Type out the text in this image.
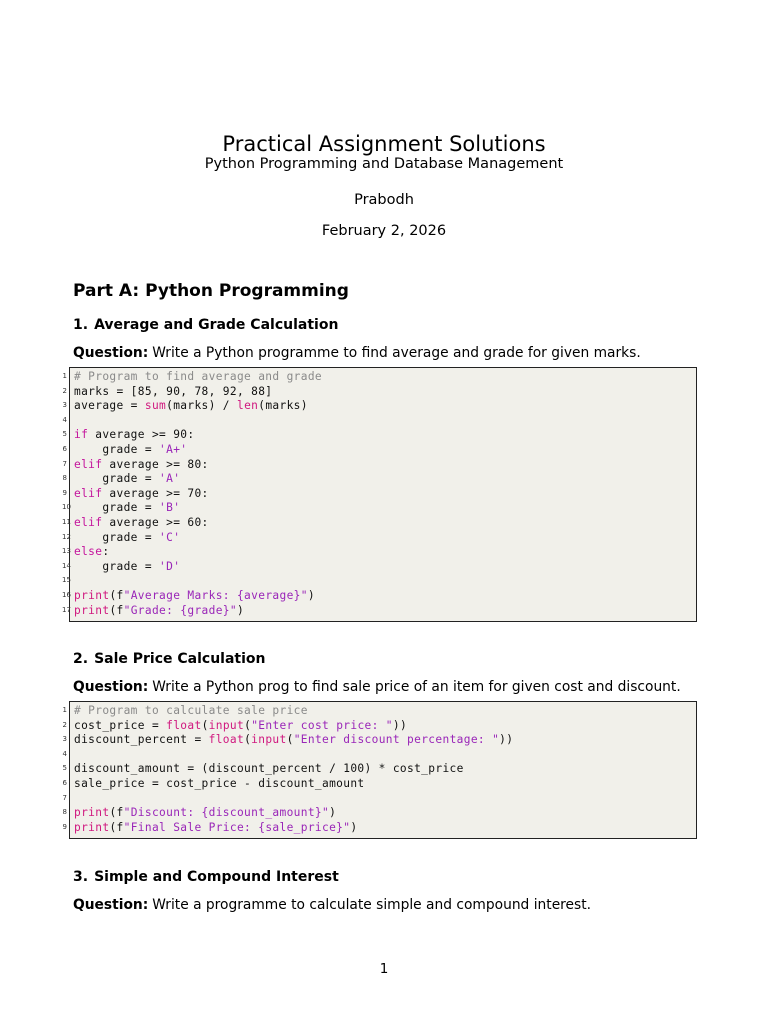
Practical Assignment Solutions
Python Programming and Database Management
Prabodh
February 2, 2026
Part A: Python Programming
1. Average and Grade Calculation
Question: Write a Python programme to find average and grade for given marks.
1 # Program to find average and grade
2 marks = [85, 90, 78, 92, 88]
3 average = sum(marks) / len(marks)
4
5 if average >= 90:
6 grade = 'A+'
7 elif average >= 80:
8 grade = 'A'
9 elif average >= 70:
10 grade = 'B'
11 elif average >= 60:
12 grade = 'C'
13 else:
14 grade = 'D'
15
16 print(f"Average Marks: {average}")
17 print(f"Grade: {grade}")
2. Sale Price Calculation
Question: Write a Python prog to find sale price of an item for given cost and discount.
1 # Program to calculate sale price
2 cost_price = float(input("Enter cost price: "))
3 discount_percent = float(input("Enter discount percentage: "))
4
5 discount_amount = (discount_percent / 100) * cost_price
6 sale_price = cost_price - discount_amount
7
8 print(f"Discount: {discount_amount}")
9 print(f"Final Sale Price: {sale_price}")
3. Simple and Compound Interest
Question: Write a programme to calculate simple and compound interest.
1
